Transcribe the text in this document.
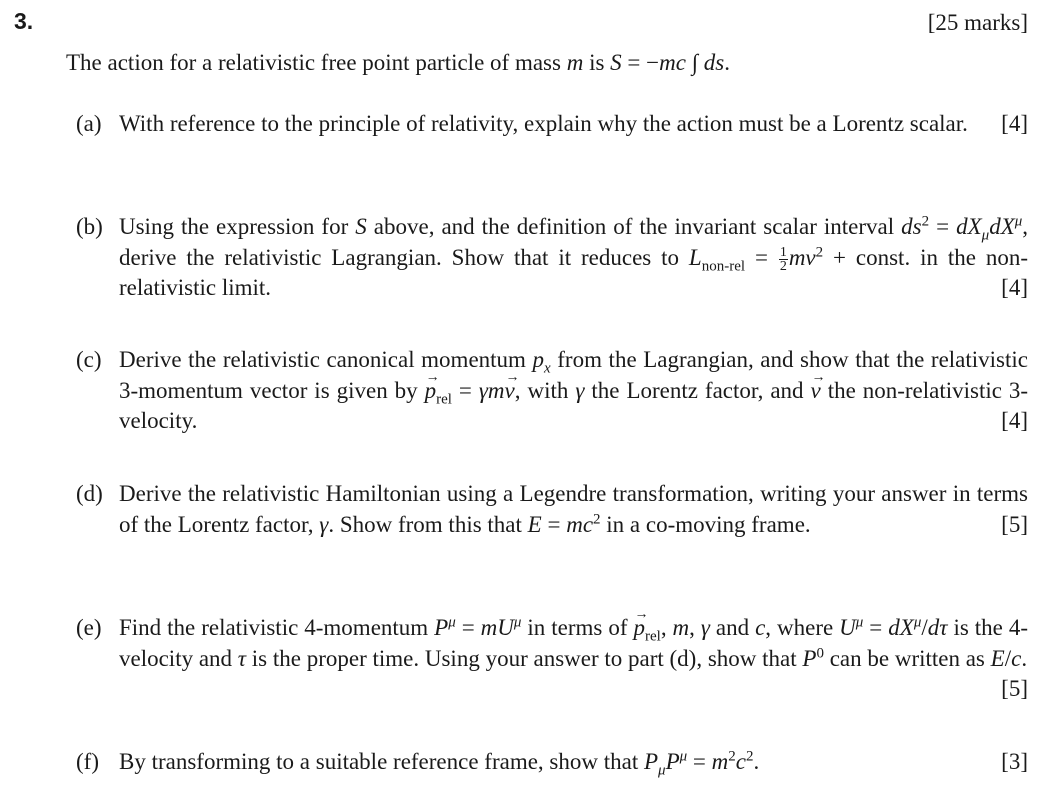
3.	[25 marks]
The action for a relativistic free point particle of mass m is S = −mc ∫ ds.
(a) With reference to the principle of relativity, explain why the action must be a Lorentz scalar. [4]
(b) Using the expression for S above, and the definition of the invariant scalar interval $ds^2 = dX_\mu dX^\mu$, derive the relativistic Lagrangian. Show that it reduces to $L_{non-rel} = \frac{1}{2} mv^2$ + const. in the non-relativistic limit.	[4]
(c) Derive the relativistic canonical momentum $p_x$ from the Lagrangian, and show that the relativistic 3-momentum vector is given by → $p_{rel} = \gamma m\to v$, with γ the Lorentz factor, and → v the non-relativistic 3-velocity.	[4]
(d) Derive the relativistic Hamiltonian using a Legendre transformation, writing your answer in terms of the Lorentz factor, γ. Show from this that $E = mc^2$ in a co-moving frame.	[5]
(e) Find the relativistic 4-momentum $P^\mu = mU^\mu$ in terms of → $p_{rel}$, m, γ and c, where $U^\mu = dX^\mu/d\tau$ is the 4-velocity and τ is the proper time. Using your answer to part (d), show that $P^0$ can be written as E/c.
[5]
(f) By transforming to a suitable reference frame, show that $P_\mu P^\mu = m^2c^2$.	[3]
